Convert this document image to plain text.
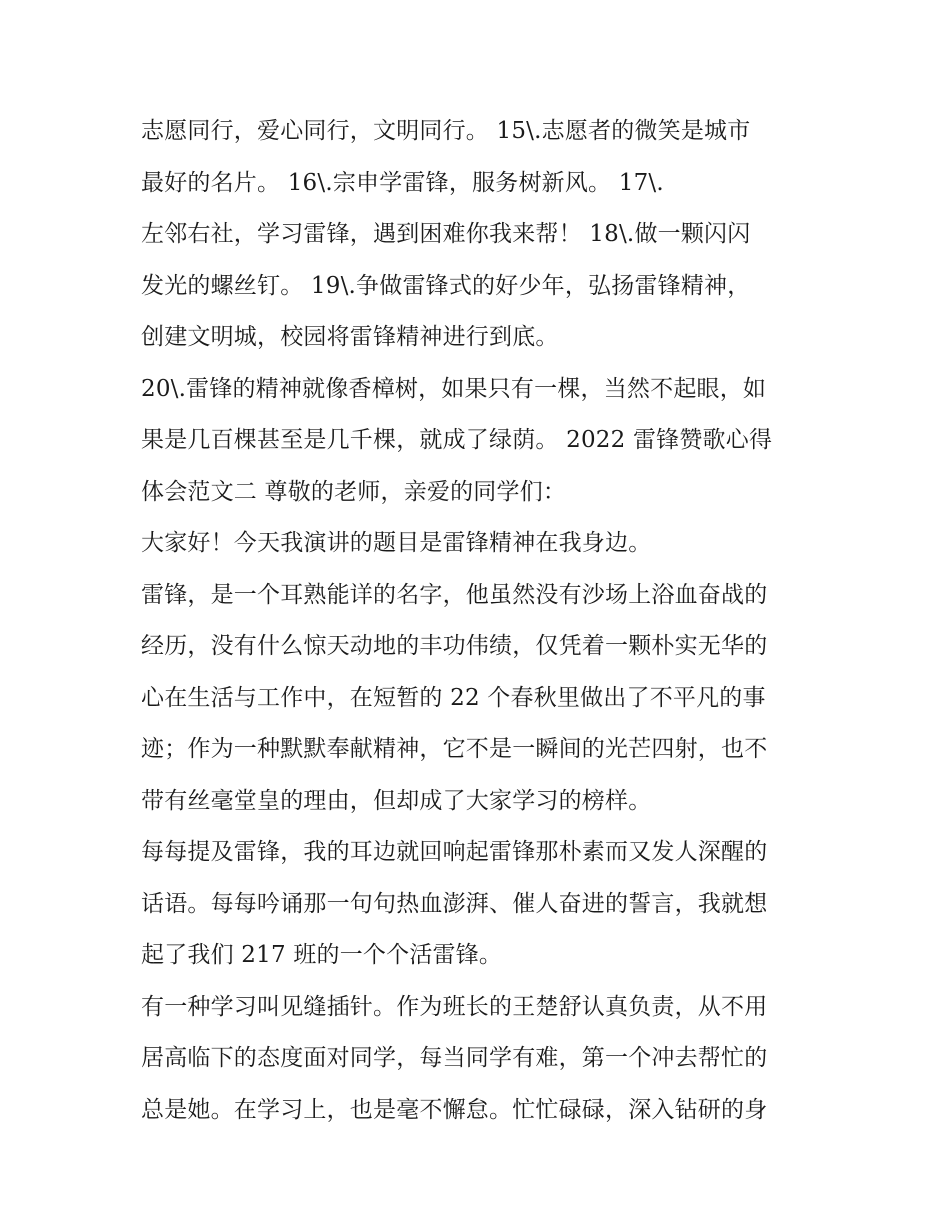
志愿同行，爱心同行，文明同行。 15\.志愿者的微笑是城市
最好的名片。 16\.宗申学雷锋，服务树新风。 17\.
左邻右社，学习雷锋，遇到困难你我来帮！ 18\.做一颗闪闪
发光的螺丝钉。 19\.争做雷锋式的好少年，弘扬雷锋精神，
创建文明城，校园将雷锋精神进行到底。
20\.雷锋的精神就像香樟树，如果只有一棵，当然不起眼，如
果是几百棵甚至是几千棵，就成了绿荫。 2022 雷锋赞歌心得
体会范文二 尊敬的老师，亲爱的同学们：
大家好！今天我演讲的题目是雷锋精神在我身边。
雷锋，是一个耳熟能详的名字，他虽然没有沙场上浴血奋战的
经历，没有什么惊天动地的丰功伟绩，仅凭着一颗朴实无华的
心在生活与工作中，在短暂的 22 个春秋里做出了不平凡的事
迹；作为一种默默奉献精神，它不是一瞬间的光芒四射，也不
带有丝毫堂皇的理由，但却成了大家学习的榜样。
每每提及雷锋，我的耳边就回响起雷锋那朴素而又发人深醒的
话语。每每吟诵那一句句热血澎湃、催人奋进的誓言，我就想
起了我们 217 班的一个个活雷锋。
有一种学习叫见缝插针。作为班长的王楚舒认真负责，从不用
居高临下的态度面对同学，每当同学有难，第一个冲去帮忙的
总是她。在学习上，也是毫不懈怠。忙忙碌碌，深入钻研的身
